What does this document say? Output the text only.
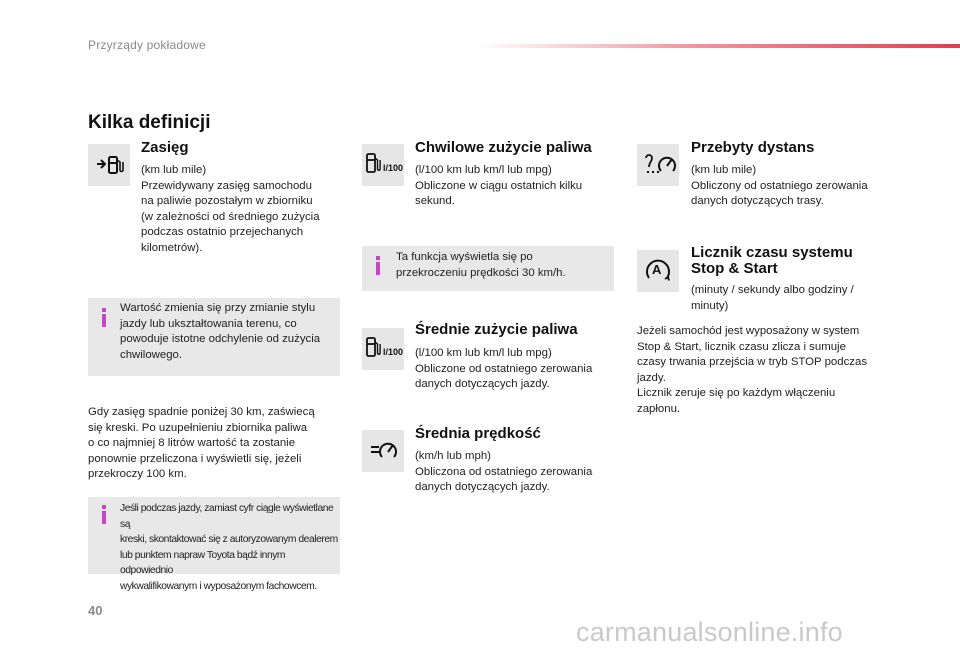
Przyrządy pokładowe
Kilka definicji
Zasięg
(km lub mile)
Przewidywany zasięg samochodu
na paliwie pozostałym w zbiorniku
(w zależności od średniego zużycia
podczas ostatnio przejechanych
kilometrów).
Wartość zmienia się przy zmianie stylu
jazdy lub ukształtowania terenu, co
powoduje istotne odchylenie od zużycia
chwilowego.
Gdy zasięg spadnie poniżej 30 km, zaświecą
się kreski. Po uzupełnieniu zbiornika paliwa
o co najmniej 8 litrów wartość ta zostanie
ponownie przeliczona i wyświetli się, jeżeli
przekroczy 100 km.
Jeśli podczas jazdy, zamiast cyfr ciągle wyświetlane są
kreski, skontaktować się z autoryzowanym dealerem
lub punktem napraw Toyota bądź innym odpowiednio
wykwalifikowanym i wyposażonym fachowcem.
l/100
Chwilowe zużycie paliwa
(l/100 km lub km/l lub mpg)
Obliczone w ciągu ostatnich kilku
sekund.
Ta funkcja wyświetla się po
przekroczeniu prędkości 30 km/h.
l/100
Średnie zużycie paliwa
(l/100 km lub km/l lub mpg)
Obliczone od ostatniego zerowania
danych dotyczących jazdy.
Średnia prędkość
(km/h lub mph)
Obliczona od ostatniego zerowania
danych dotyczących jazdy.
Przebyty dystans
(km lub mile)
Obliczony od ostatniego zerowania
danych dotyczących trasy.
A
Licznik czasu systemu
Stop & Start
(minuty / sekundy albo godziny /
minuty)
Jeżeli samochód jest wyposażony w system
Stop & Start, licznik czasu zlicza i sumuje
czasy trwania przejścia w tryb STOP podczas
jazdy.
Licznik zeruje się po każdym włączeniu
zapłonu.
40
carmanualsonline.info
